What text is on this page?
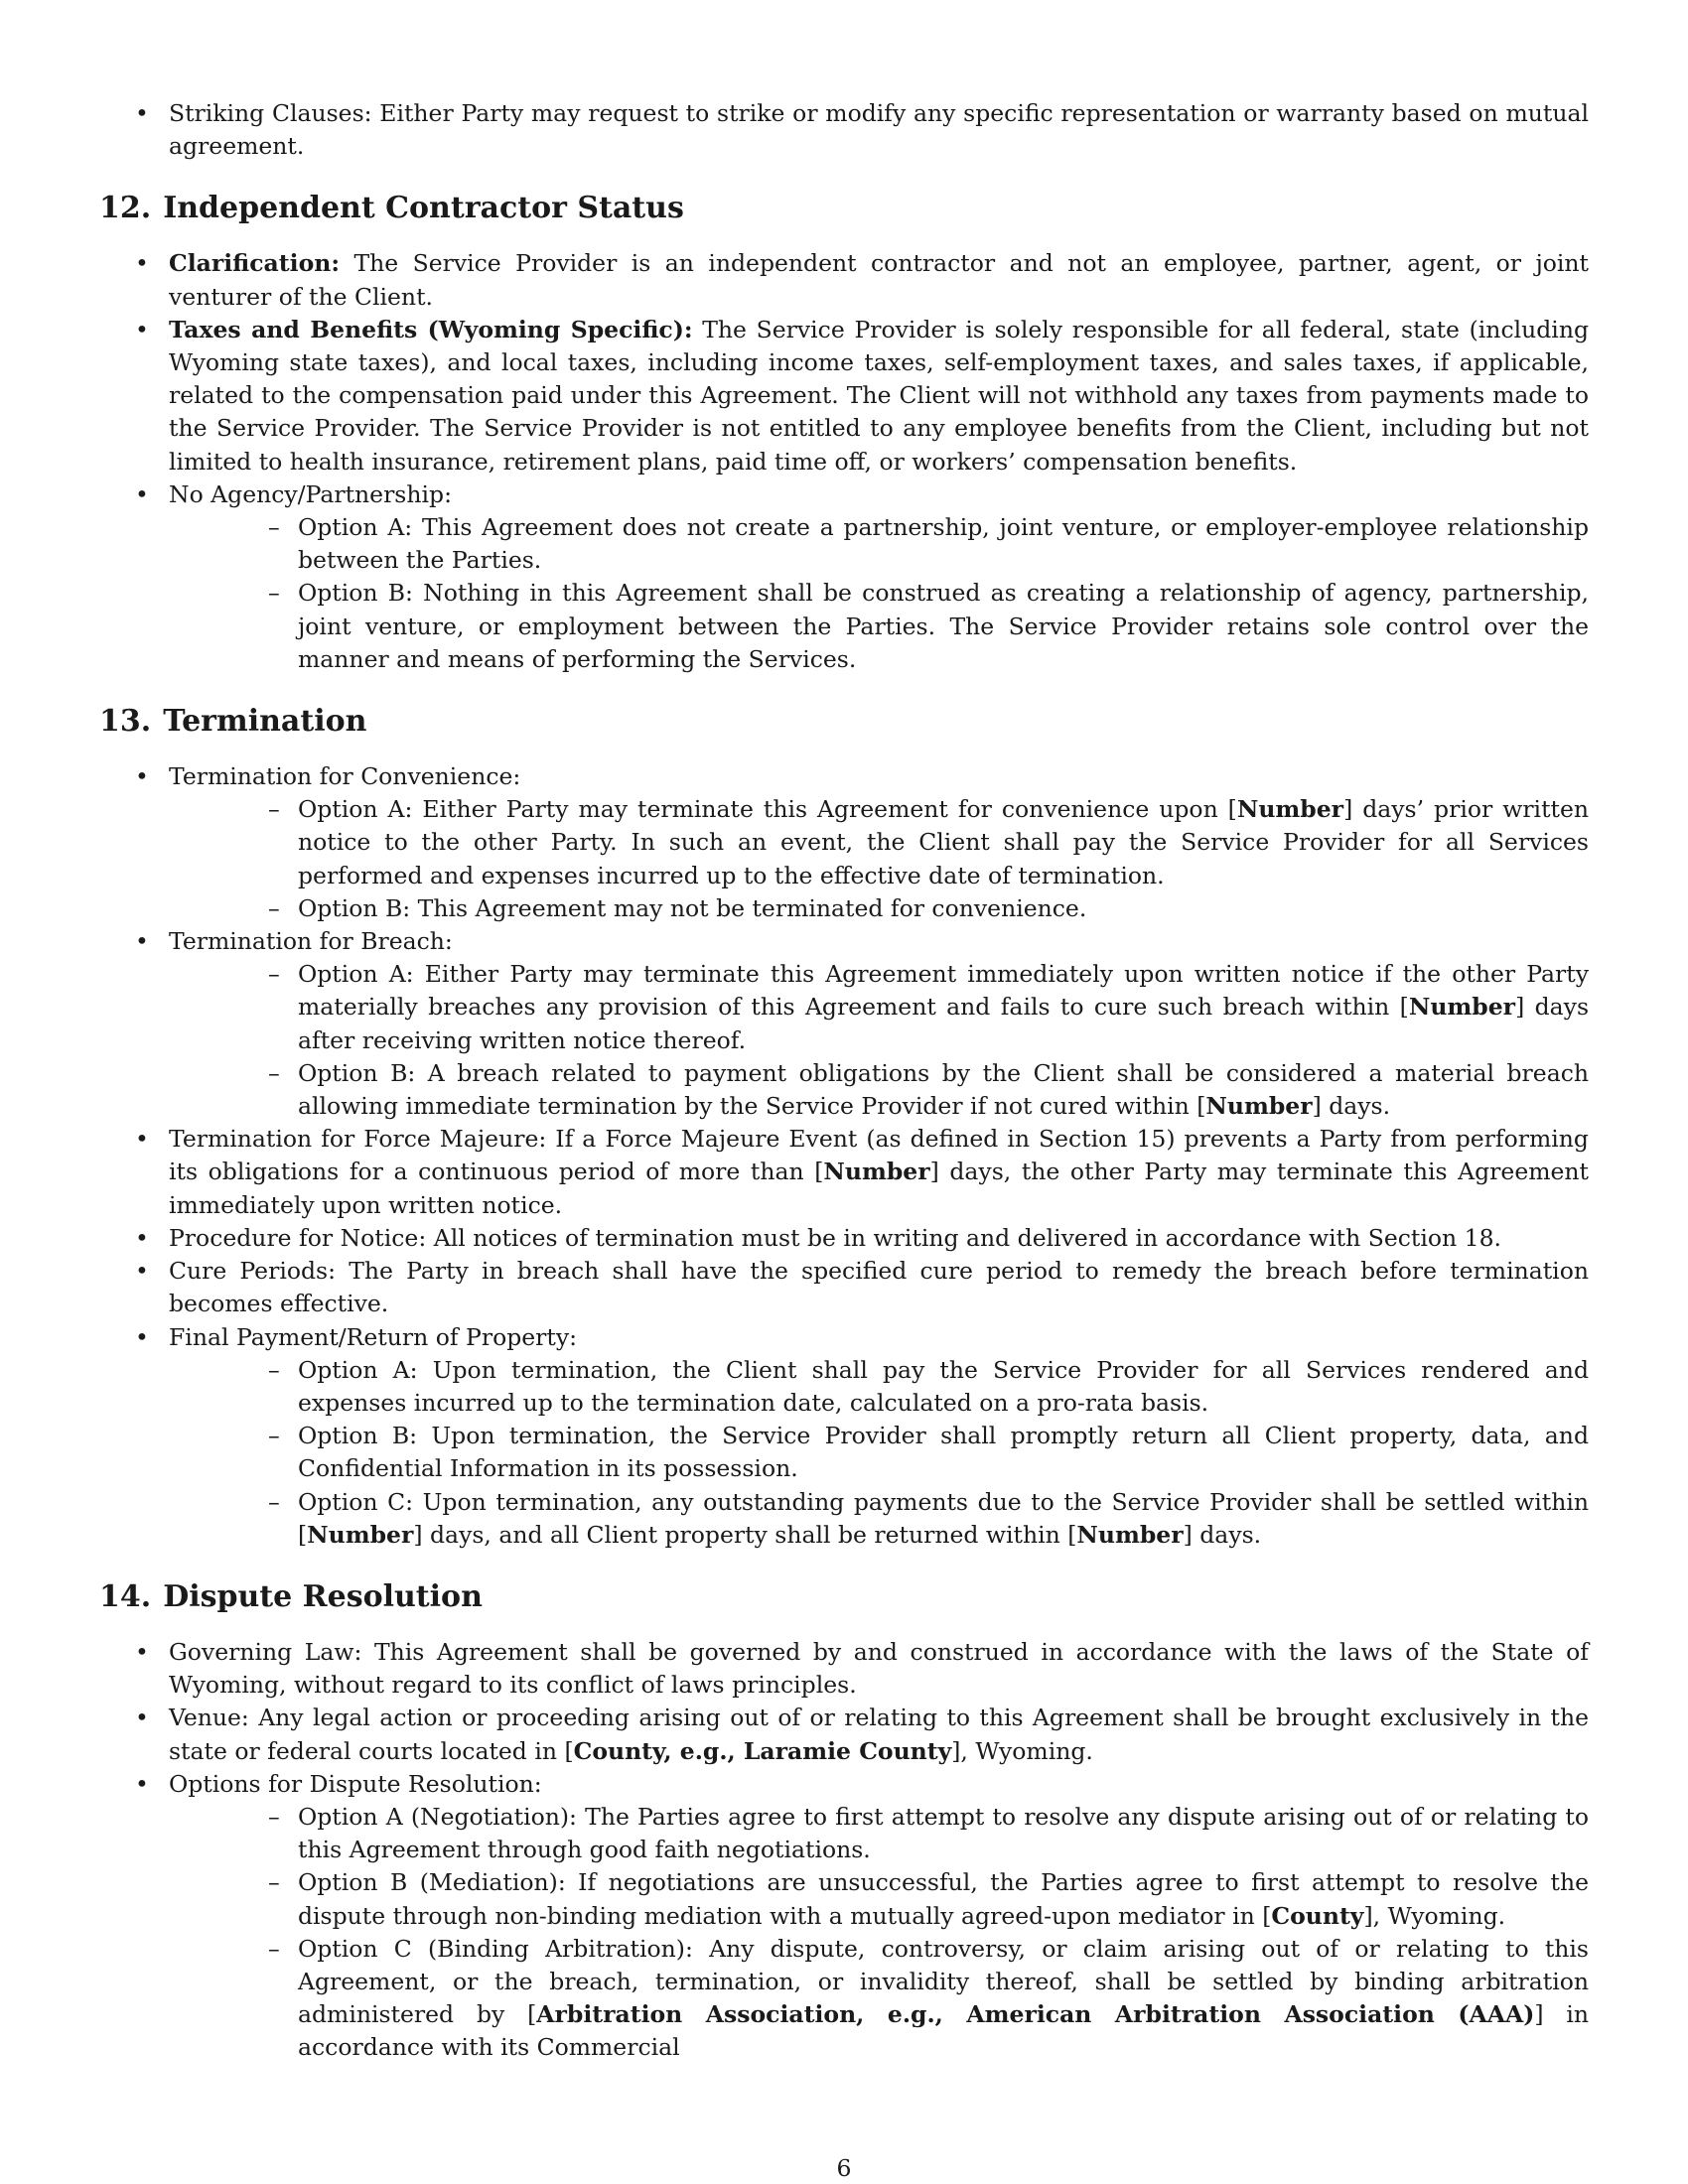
• Striking Clauses: Either Party may request to strike or modify any specific representation or warranty based on mutual agreement.
12. Independent Contractor Status
• Clarification: The Service Provider is an independent contractor and not an employee, partner, agent, or joint venturer of the Client.
• Taxes and Benefits (Wyoming Specific): The Service Provider is solely responsible for all federal, state (including Wyoming state taxes), and local taxes, including income taxes, self-employment taxes, and sales taxes, if applicable, related to the compensation paid under this Agreement. The Client will not withhold any taxes from payments made to the Service Provider. The Service Provider is not entitled to any employee benefits from the Client, including but not limited to health insurance, retirement plans, paid time off, or workers’ compensation benefits.
• No Agency/Partnership:
– Option A: This Agreement does not create a partnership, joint venture, or employer-employee relationship between the Parties.
– Option B: Nothing in this Agreement shall be construed as creating a relationship of agency, partnership, joint venture, or employment between the Parties. The Service Provider retains sole control over the manner and means of performing the Services.
13. Termination
• Termination for Convenience:
– Option A: Either Party may terminate this Agreement for convenience upon [Number] days’ prior written notice to the other Party. In such an event, the Client shall pay the Service Provider for all Services performed and expenses incurred up to the effective date of termination.
– Option B: This Agreement may not be terminated for convenience.
• Termination for Breach:
– Option A: Either Party may terminate this Agreement immediately upon written notice if the other Party materially breaches any provision of this Agreement and fails to cure such breach within [Number] days after receiving written notice thereof.
– Option B: A breach related to payment obligations by the Client shall be considered a material breach allowing immediate termination by the Service Provider if not cured within [Number] days.
• Termination for Force Majeure: If a Force Majeure Event (as defined in Section 15) prevents a Party from performing its obligations for a continuous period of more than [Number] days, the other Party may terminate this Agreement immediately upon written notice.
• Procedure for Notice: All notices of termination must be in writing and delivered in accordance with Section 18.
• Cure Periods: The Party in breach shall have the specified cure period to remedy the breach before termination becomes effective.
• Final Payment/Return of Property:
– Option A: Upon termination, the Client shall pay the Service Provider for all Services rendered and expenses incurred up to the termination date, calculated on a pro-rata basis.
– Option B: Upon termination, the Service Provider shall promptly return all Client property, data, and Confidential Information in its possession.
– Option C: Upon termination, any outstanding payments due to the Service Provider shall be settled within [Number] days, and all Client property shall be returned within [Number] days.
14. Dispute Resolution
• Governing Law: This Agreement shall be governed by and construed in accordance with the laws of the State of Wyoming, without regard to its conflict of laws principles.
• Venue: Any legal action or proceeding arising out of or relating to this Agreement shall be brought exclusively in the state or federal courts located in [County, e.g., Laramie County], Wyoming.
• Options for Dispute Resolution:
– Option A (Negotiation): The Parties agree to first attempt to resolve any dispute arising out of or relating to this Agreement through good faith negotiations.
– Option B (Mediation): If negotiations are unsuccessful, the Parties agree to first attempt to resolve the dispute through non-binding mediation with a mutually agreed-upon mediator in [County], Wyoming.
– Option C (Binding Arbitration): Any dispute, controversy, or claim arising out of or relating to this Agreement, or the breach, termination, or invalidity thereof, shall be settled by binding arbitration administered by [Arbitration Association, e.g., American Arbitration Association (AAA)] in accordance with its Commercial
6
